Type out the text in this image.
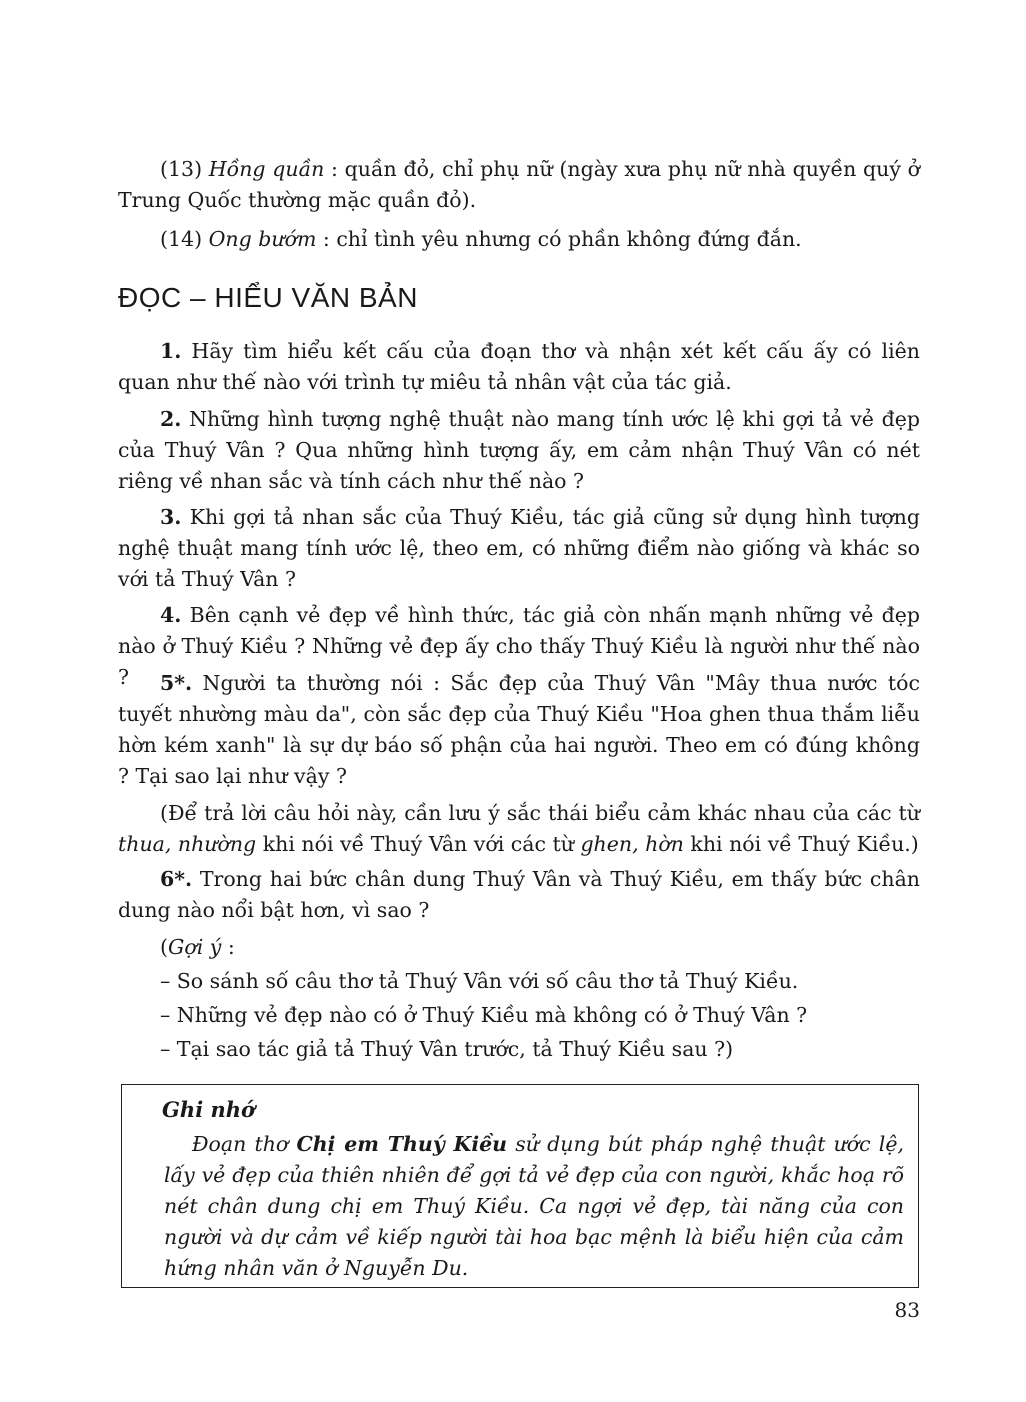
(13) Hồng quần : quần đỏ, chỉ phụ nữ (ngày xưa phụ nữ nhà quyền quý ở Trung Quốc thường mặc quần đỏ).

(14) Ong bướm : chỉ tình yêu nhưng có phần không đứng đắn.

ĐỌC – HIỂU VĂN BẢN

1. Hãy tìm hiểu kết cấu của đoạn thơ và nhận xét kết cấu ấy có liên quan như thế nào với trình tự miêu tả nhân vật của tác giả.

2. Những hình tượng nghệ thuật nào mang tính ước lệ khi gợi tả vẻ đẹp của Thuý Vân ? Qua những hình tượng ấy, em cảm nhận Thuý Vân có nét riêng về nhan sắc và tính cách như thế nào ?

3. Khi gợi tả nhan sắc của Thuý Kiều, tác giả cũng sử dụng hình tượng nghệ thuật mang tính ước lệ, theo em, có những điểm nào giống và khác so với tả Thuý Vân ?

4. Bên cạnh vẻ đẹp về hình thức, tác giả còn nhấn mạnh những vẻ đẹp nào ở Thuý Kiều ? Những vẻ đẹp ấy cho thấy Thuý Kiều là người như thế nào ?	5*. Người ta thường nói : Sắc đẹp của Thuý Vân "Mây thua nước tóc tuyết nhường màu da", còn sắc đẹp của Thuý Kiều "Hoa ghen thua thắm liễu hờn kém xanh" là sự dự báo số phận của hai người. Theo em có đúng không ? Tại sao lại như vậy ?

(Để trả lời câu hỏi này, cần lưu ý sắc thái biểu cảm khác nhau của các từ thua, nhường khi nói về Thuý Vân với các từ ghen, hờn khi nói về Thuý Kiều.)

6*. Trong hai bức chân dung Thuý Vân và Thuý Kiều, em thấy bức chân dung nào nổi bật hơn, vì sao ?

(Gợi ý :

– So sánh số câu thơ tả Thuý Vân với số câu thơ tả Thuý Kiều.

– Những vẻ đẹp nào có ở Thuý Kiều mà không có ở Thuý Vân ?

– Tại sao tác giả tả Thuý Vân trước, tả Thuý Kiều sau ?)

Ghi nhớ

Đoạn thơ Chị em Thuý Kiều sử dụng bút pháp nghệ thuật ước lệ, lấy vẻ đẹp của thiên nhiên để gợi tả vẻ đẹp của con người, khắc hoạ rõ nét chân dung chị em Thuý Kiều. Ca ngợi vẻ đẹp, tài năng của con người và dự cảm về kiếp người tài hoa bạc mệnh là biểu hiện của cảm hứng nhân văn ở Nguyễn Du.

83
